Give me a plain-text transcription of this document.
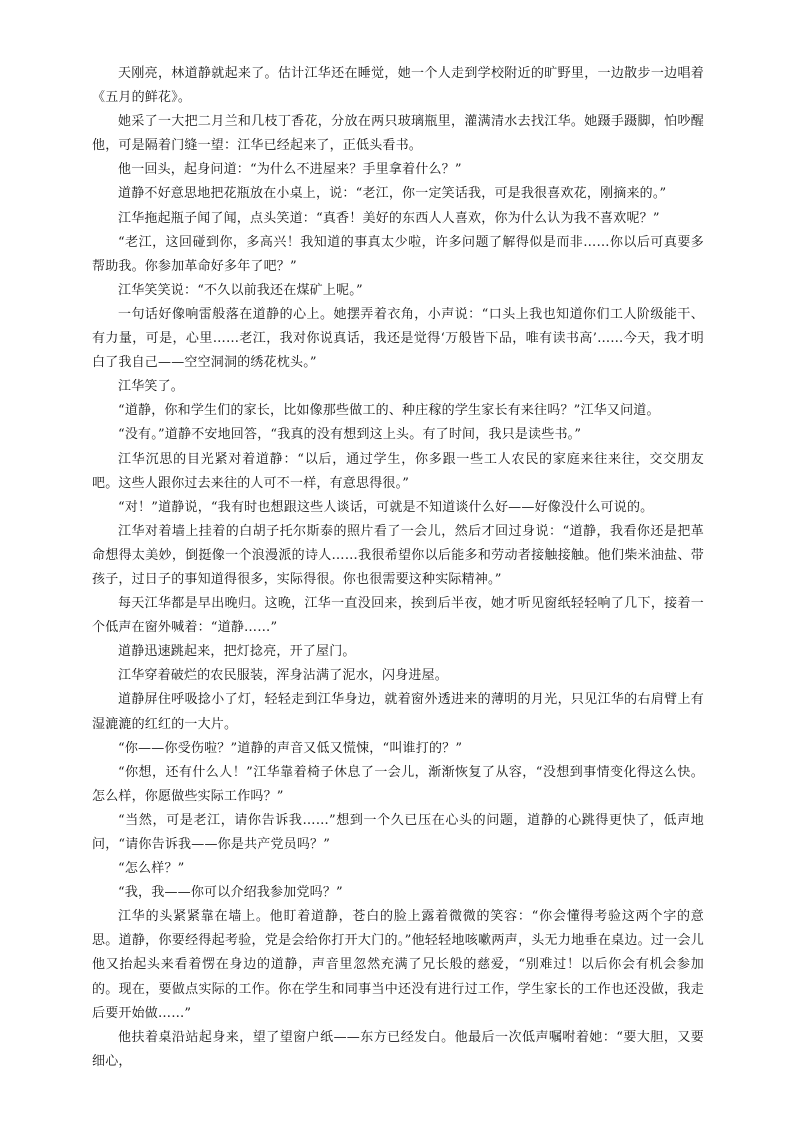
天刚亮，林道静就起来了。估计江华还在睡觉，她一个人走到学校附近的旷野里，一边散步一边唱着《五月的鲜花》。

她采了一大把二月兰和几枝丁香花，分放在两只玻璃瓶里，灌满清水去找江华。她蹑手蹑脚，怕吵醒他，可是隔着门缝一望：江华已经起来了，正低头看书。

他一回头，起身问道：“为什么不进屋来？手里拿着什么？”

道静不好意思地把花瓶放在小桌上，说：“老江，你一定笑话我，可是我很喜欢花，刚摘来的。”

江华拖起瓶子闻了闻，点头笑道：“真香！美好的东西人人喜欢，你为什么认为我不喜欢呢？”

“老江，这回碰到你，多高兴！我知道的事真太少啦，许多问题了解得似是而非……你以后可真要多帮助我。你参加革命好多年了吧？”

江华笑笑说：“不久以前我还在煤矿上呢。”

一句话好像响雷般落在道静的心上。她摆弄着衣角，小声说：“口头上我也知道你们工人阶级能干、有力量，可是，心里……老江，我对你说真话，我还是觉得‘万般皆下品，唯有读书高’……今天，我才明白了我自己——空空洞洞的绣花枕头。”

江华笑了。

“道静，你和学生们的家长，比如像那些做工的、种庄稼的学生家长有来往吗？”江华又问道。

“没有。”道静不安地回答，“我真的没有想到这上头。有了时间，我只是读些书。”

江华沉思的目光紧对着道静：“以后，通过学生，你多跟一些工人农民的家庭来往来往，交交朋友吧。这些人跟你过去来往的人可不一样，有意思得很。”

“对！”道静说，“我有时也想跟这些人谈话，可就是不知道谈什么好——好像没什么可说的。

江华对着墙上挂着的白胡子托尔斯泰的照片看了一会儿，然后才回过身说：“道静，我看你还是把革命想得太美妙，倒挺像一个浪漫派的诗人……我很希望你以后能多和劳动者接触接触。他们柴米油盐、带孩子，过日子的事知道得很多，实际得很。你也很需要这种实际精神。”

每天江华都是早出晚归。这晚，江华一直没回来，挨到后半夜，她才听见窗纸轻轻响了几下，接着一个低声在窗外喊着：“道静……”

道静迅速跳起来，把灯捻亮，开了屋门。

江华穿着破烂的农民服装，浑身沾满了泥水，闪身进屋。

道静屏住呼吸捻小了灯，轻轻走到江华身边，就着窗外透进来的薄明的月光，只见江华的右肩臂上有湿漉漉的红红的一大片。

“你——你受伤啦？”道静的声音又低又慌悚，“叫谁打的？”

“你想，还有什么人！”江华靠着椅子休息了一会儿，渐渐恢复了从容，“没想到事情变化得这么快。怎么样，你愿做些实际工作吗？”

“当然，可是老江，请你告诉我……”想到一个久已压在心头的问题，道静的心跳得更快了，低声地问，“请你告诉我——你是共产党员吗？”

“怎么样？”

“我，我——你可以介绍我参加党吗？”

江华的头紧紧靠在墙上。他盯着道静，苍白的脸上露着微微的笑容：“你会懂得考验这两个字的意思。道静，你要经得起考验，党是会给你打开大门的。”他轻轻地咳嗽两声，头无力地垂在桌边。过一会儿他又抬起头来看着愣在身边的道静，声音里忽然充满了兄长般的慈爱，“别难过！以后你会有机会参加的。现在，要做点实际的工作。你在学生和同事当中还没有进行过工作，学生家长的工作也还没做，我走后要开始做……”

他扶着桌沿站起身来，望了望窗户纸——东方已经发白。他最后一次低声嘱咐着她：“要大胆，又要细心，
